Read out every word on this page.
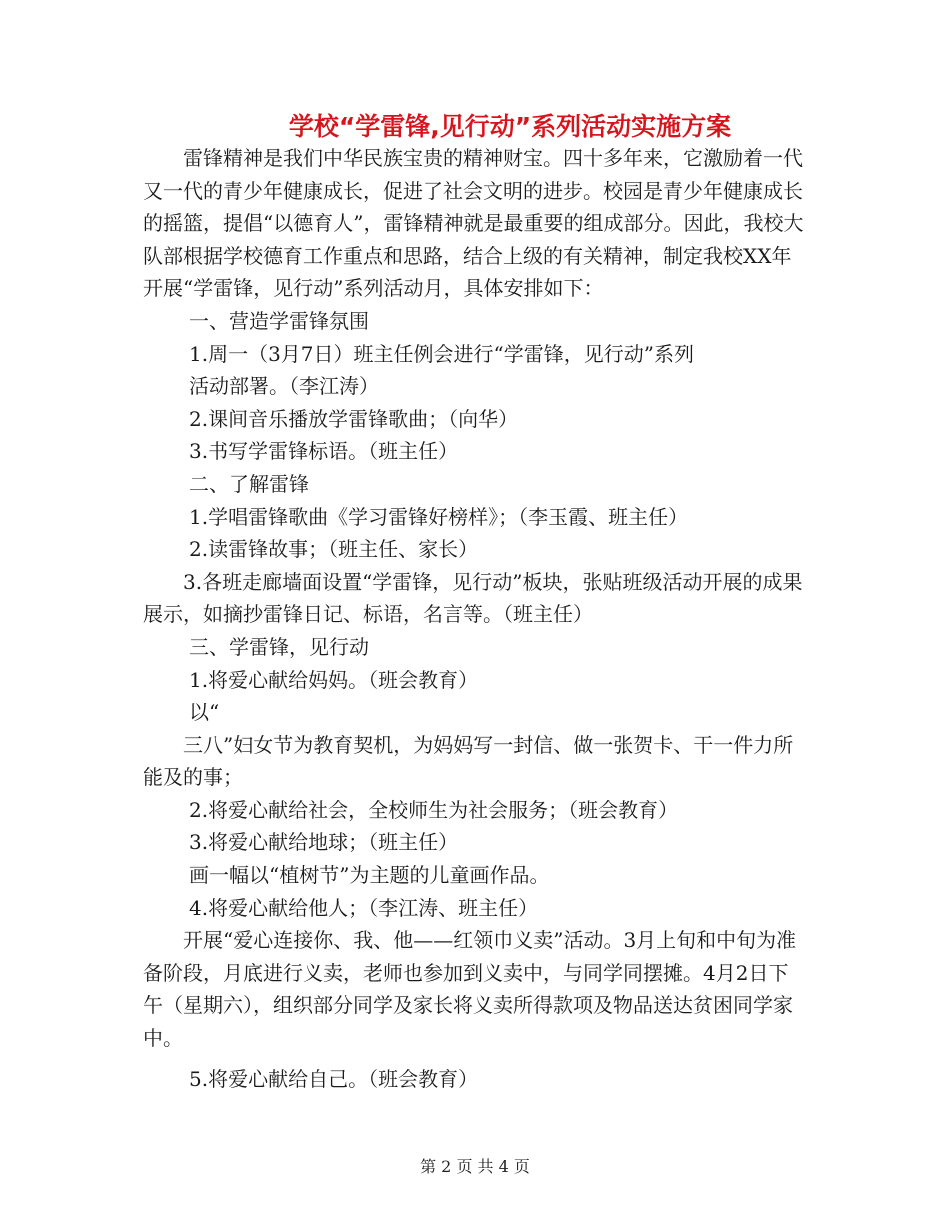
学校“学雷锋,见行动”系列活动实施方案

雷锋精神是我们中华民族宝贵的精神财宝。四十多年来，它激励着一代又一代的青少年健康成长，促进了社会文明的进步。校园是青少年健康成长的摇篮，提倡“以德育人”，雷锋精神就是最重要的组成部分。因此，我校大队部根据学校德育工作重点和思路，结合上级的有关精神，制定我校XX年开展“学雷锋，见行动”系列活动月，具体安排如下：

一、营造学雷锋氛围

1.周一（3月7日）班主任例会进行“学雷锋，见行动”系列

活动部署。（李江涛）

2.课间音乐播放学雷锋歌曲；（向华）

3.书写学雷锋标语。（班主任）

二、了解雷锋

1.学唱雷锋歌曲《学习雷锋好榜样》；（李玉霞、班主任）

2.读雷锋故事；（班主任、家长）

3.各班走廊墙面设置“学雷锋，见行动”板块，张贴班级活动开展的成果展示，如摘抄雷锋日记、标语，名言等。（班主任）

三、学雷锋，见行动

1.将爱心献给妈妈。（班会教育）

以“

三八”妇女节为教育契机，为妈妈写一封信、做一张贺卡、干一件力所能及的事；

2.将爱心献给社会，全校师生为社会服务；（班会教育）

3.将爱心献给地球；（班主任）

画一幅以“植树节”为主题的儿童画作品。

4.将爱心献给他人；（李江涛、班主任）

开展“爱心连接你、我、他——红领巾义卖”活动。3月上旬和中旬为准备阶段，月底进行义卖，老师也参加到义卖中，与同学同摆摊。4月2日下午（星期六），组织部分同学及家长将义卖所得款项及物品送达贫困同学家中。

5.将爱心献给自己。（班会教育）

第 2 页 共 4 页
